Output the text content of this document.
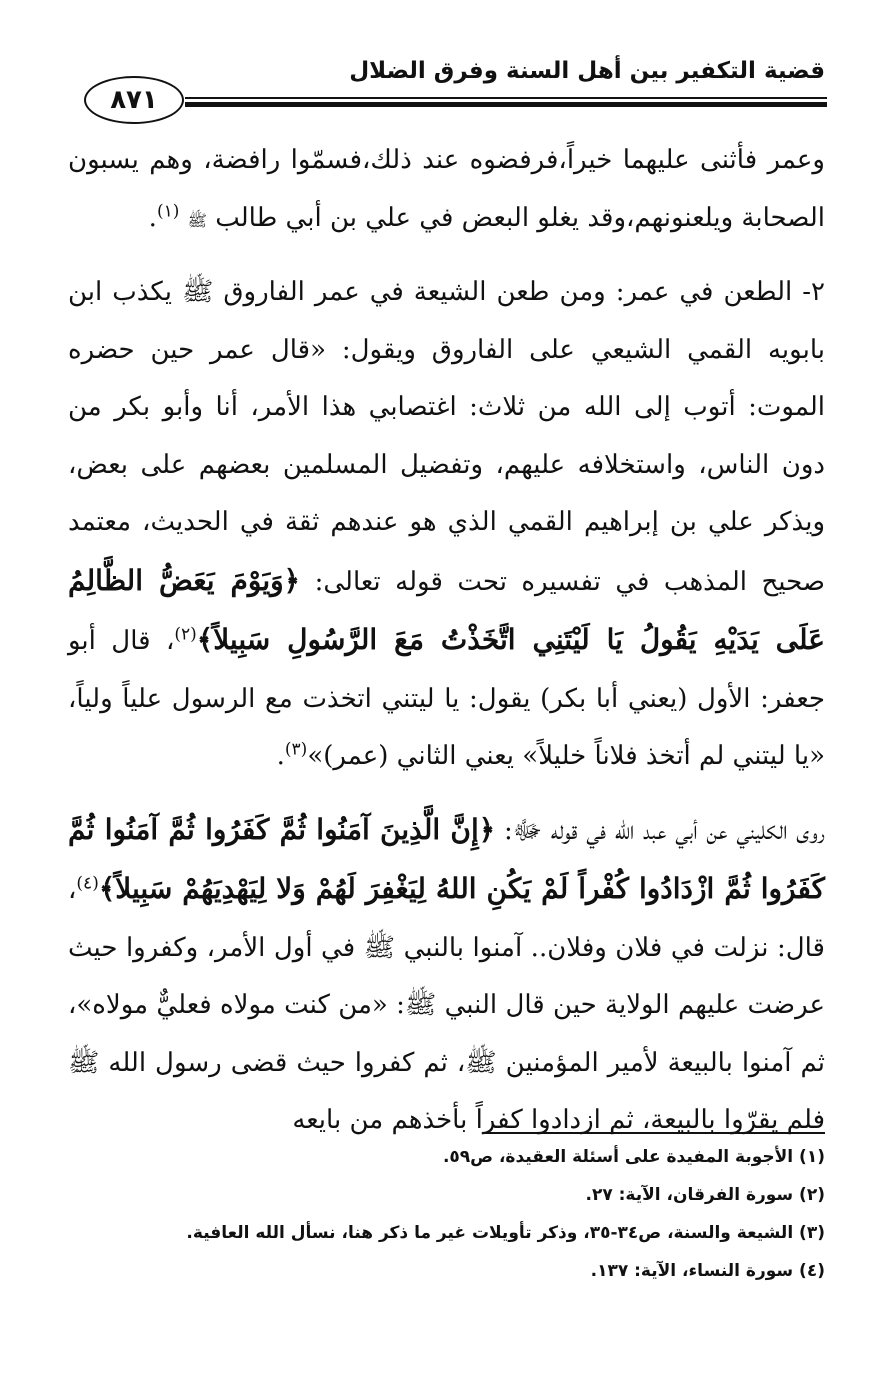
قضية التكفير بين أهل السنة وفرق الضلال
٨٧١

وعمر فأثنى عليهما خيراً،فرفضوه عند ذلك،فسمّوا رافضة، وهم يسبون الصحابة ويلعنونهم،وقد يغلو البعض في علي بن أبي طالب ﷺ $^{(١)}$.

٢- الطعن في عمر: ومن طعن الشيعة في عمر الفاروق ﷺ يكذب ابن بابويه القمي الشيعي على الفاروق ويقول: «قال عمر حين حضره الموت: أتوب إلى الله من ثلاث: اغتصابي هذا الأمر، أنا وأبو بكر من دون الناس، واستخلافه عليهم، وتفضيل المسلمين بعضهم على بعض، ويذكر علي بن إبراهيم القمي الذي هو عندهم ثقة في الحديث، معتمد صحيح المذهب في تفسيره تحت قوله تعالى: ﴿وَيَوْمَ يَعَضُّ الظَّالِمُ عَلَى يَدَيْهِ يَقُولُ يَا لَيْتَنِي اتَّخَذْتُ مَعَ الرَّسُولِ سَبِيلاً﴾$^{(٢)}$، قال أبو جعفر: الأول (يعني أبا بكر) يقول: يا ليتني اتخذت مع الرسول علياً ولياً، «يا ليتني لم أتخذ فلاناً خليلاً» يعني الثاني (عمر)»$^{(٣)}$.

روى الكليني عن أبي عبد الله في قوله ﷻ: ﴿إِنَّ الَّذِينَ آمَنُوا ثُمَّ كَفَرُوا ثُمَّ آمَنُوا ثُمَّ كَفَرُوا ثُمَّ ازْدَادُوا كُفْراً لَمْ يَكُنِ اللهُ لِيَغْفِرَ لَهُمْ وَلا لِيَهْدِيَهُمْ سَبِيلاً﴾$^{(٤)}$، قال: نزلت في فلان وفلان.. آمنوا بالنبي ﷺ في أول الأمر، وكفروا حيث عرضت عليهم الولاية حين قال النبي ﷺ: «من كنت مولاه فعليٌّ مولاه»، ثم آمنوا بالبيعة لأمير المؤمنين ﷺ، ثم كفروا حيث قضى رسول الله ﷺ فلم يقرّوا بالبيعة، ثم ازدادوا كفراً بأخذهم من بايعه

(١) الأجوبة المفيدة على أسئلة العقيدة، ص٥٩.

(٢) سورة الفرقان، الآية: ٢٧.

(٣) الشيعة والسنة، ص٣٤-٣٥، وذكر تأويلات غير ما ذكر هنا، نسأل الله العافية.

(٤) سورة النساء، الآية: ١٣٧.
